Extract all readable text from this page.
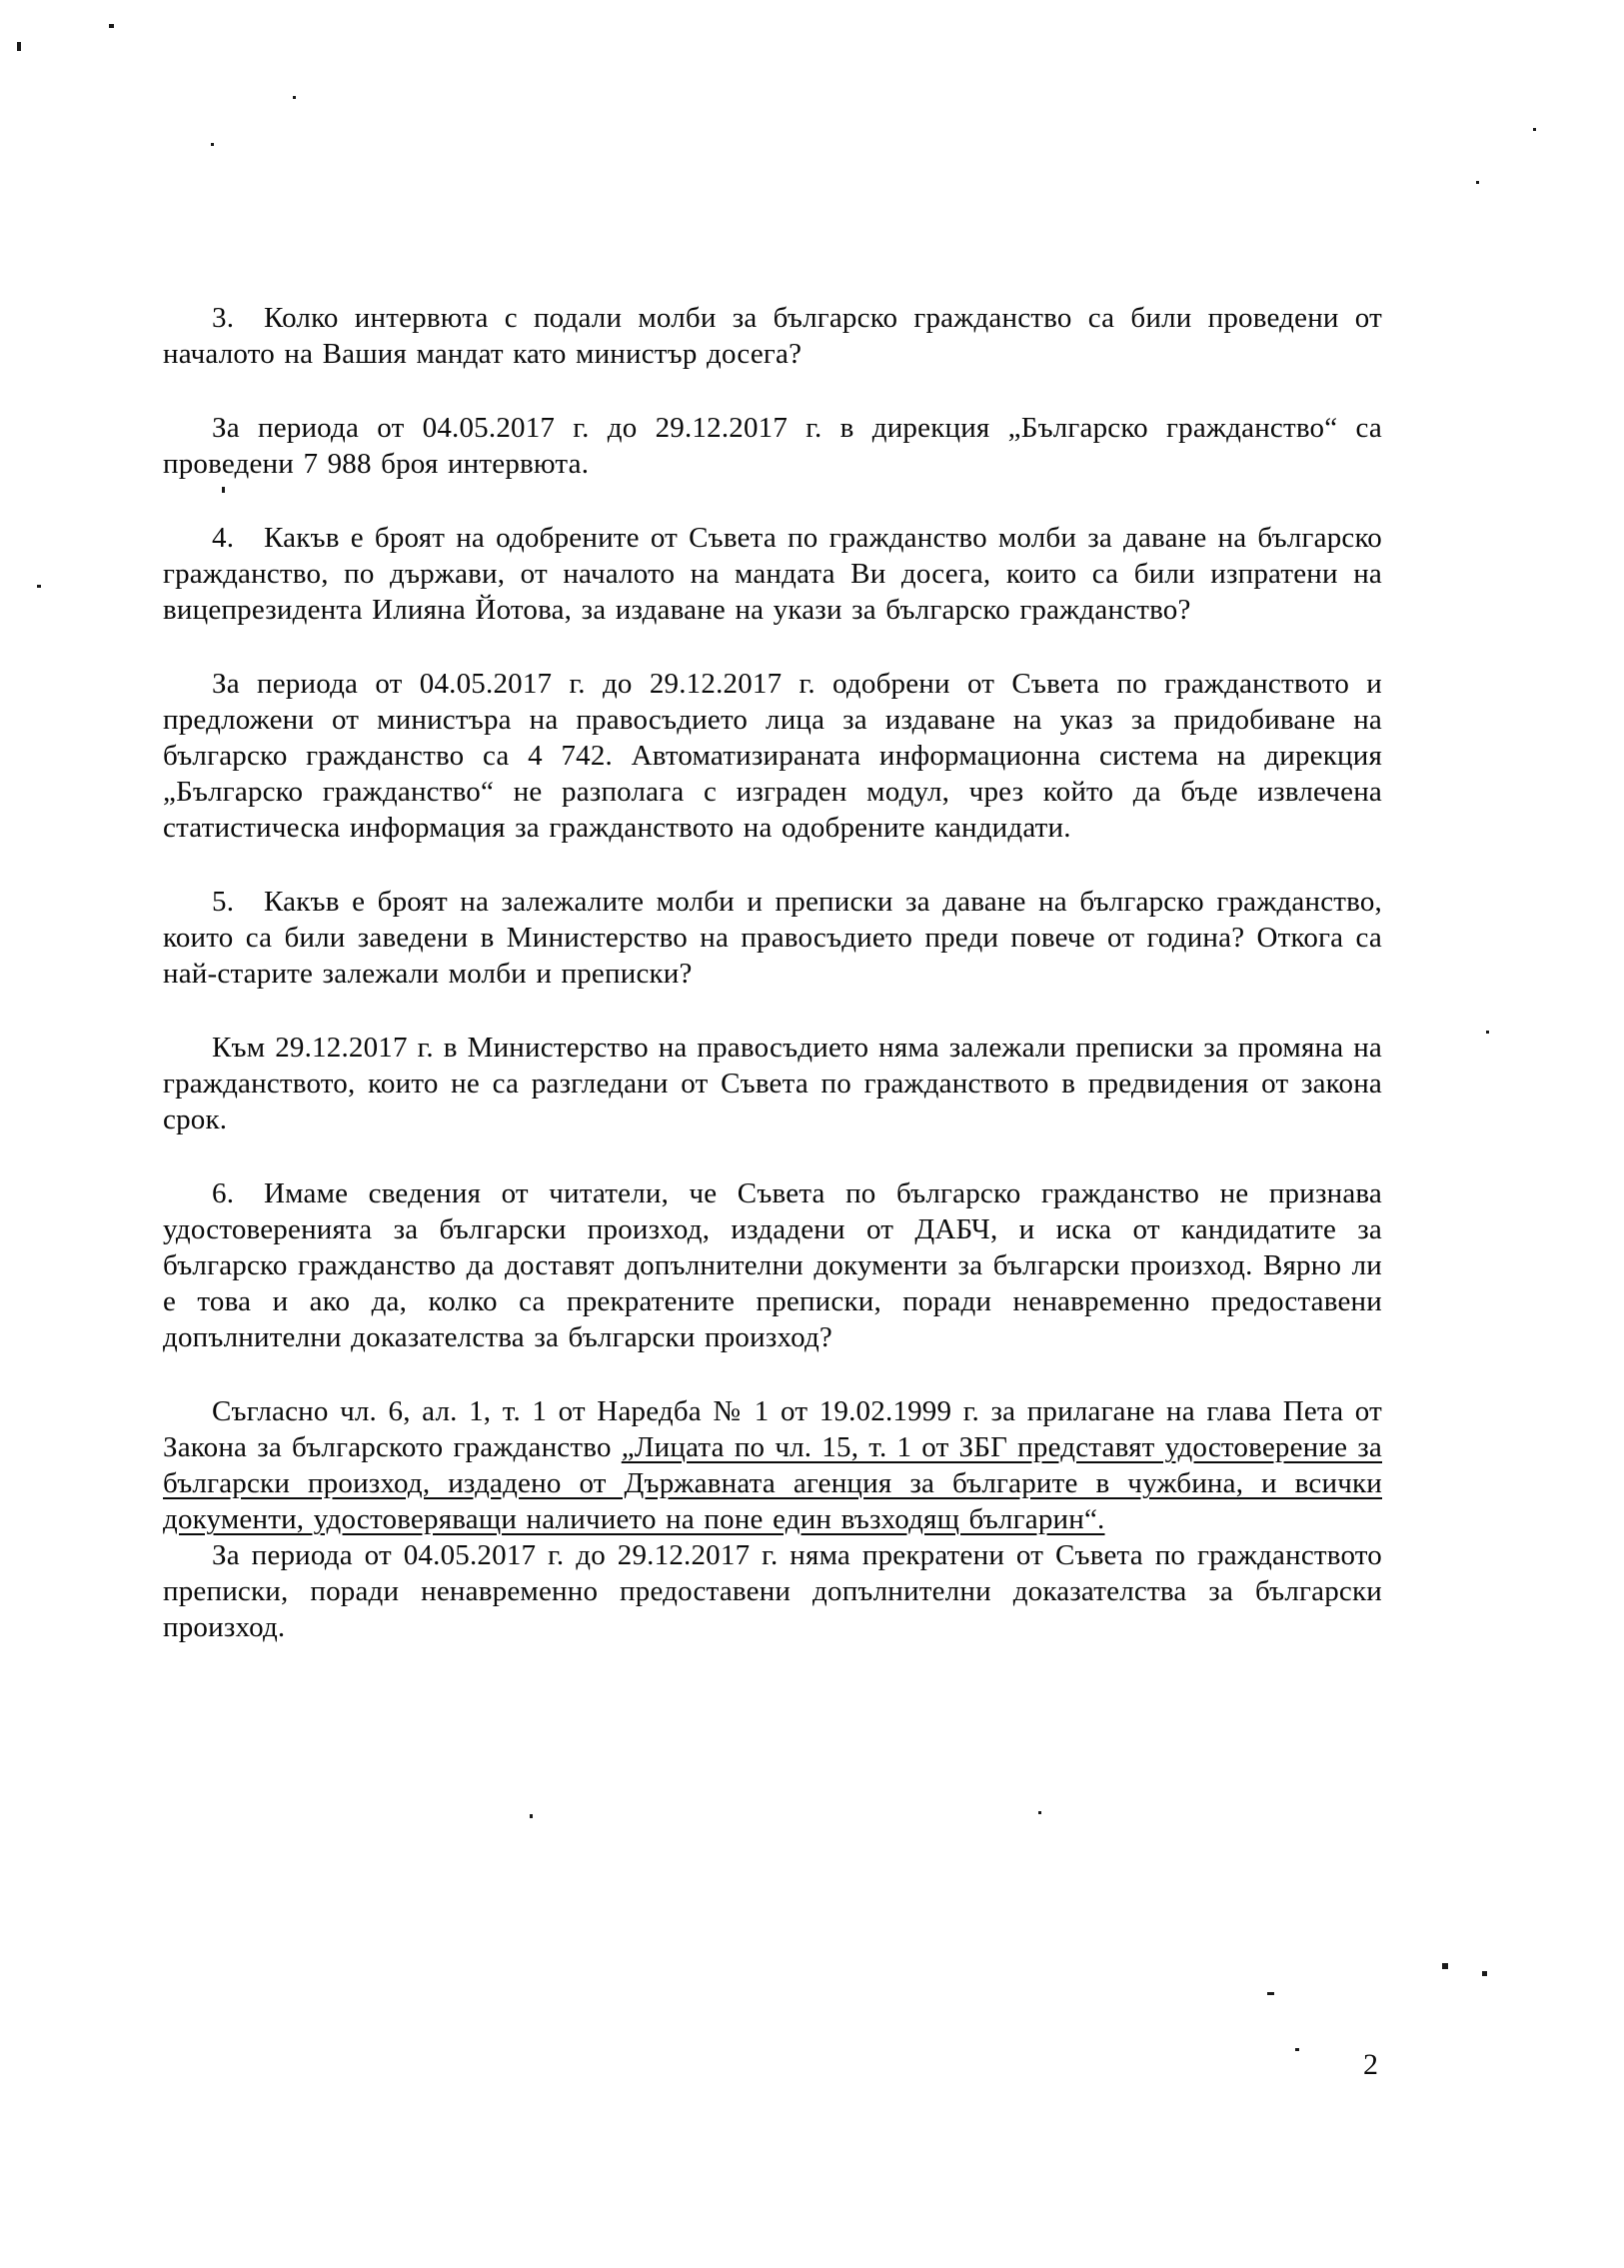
3. Колко интервюта с подали молби за българско гражданство са били проведени от началото на Вашия мандат като министър досега?

За периода от 04.05.2017 г. до 29.12.2017 г. в дирекция „Българско гражданство“ са проведени 7 988 броя интервюта.

4. Какъв е броят на одобрените от Съвета по гражданство молби за даване на българско гражданство, по държави, от началото на мандата Ви досега, които са били изпратени на вицепрезидента Илияна Йотова, за издаване на укази за българско гражданство?

За периода от 04.05.2017 г. до 29.12.2017 г. одобрени от Съвета по гражданството и предложени от министъра на правосъдието лица за издаване на указ за придобиване на българско гражданство са 4 742. Автоматизираната информационна система на дирекция „Българско гражданство“ не разполага с изграден модул, чрез който да бъде извлечена статистическа информация за гражданството на одобрените кандидати.

5. Какъв е броят на залежалите молби и преписки за даване на българско гражданство, които са били заведени в Министерство на правосъдието преди повече от година? Откога са най-старите залежали молби и преписки?

Към 29.12.2017 г. в Министерство на правосъдието няма залежали преписки за промяна на гражданството, които не са разгледани от Съвета по гражданството в предвидения от закона срок.

6. Имаме сведения от читатели, че Съвета по българско гражданство не признава удостоверенията за български произход, издадени от ДАБЧ, и иска от кандидатите за българско гражданство да доставят допълнителни документи за български произход. Вярно ли е това и ако да, колко са прекратените преписки, поради ненавременно предоставени допълнителни доказателства за български произход?

Съгласно чл. 6, ал. 1, т. 1 от Наредба № 1 от 19.02.1999 г. за прилагане на глава Пета от Закона за българското гражданство „Лицата по чл. 15, т. 1 от ЗБГ представят удостоверение за български произход, издадено от Държавната агенция за българите в чужбина, и всички документи, удостоверяващи наличието на поне един възходящ българин“.

За периода от 04.05.2017 г. до 29.12.2017 г. няма прекратени от Съвета по гражданството преписки, поради ненавременно предоставени допълнителни доказателства за български произход.

2
